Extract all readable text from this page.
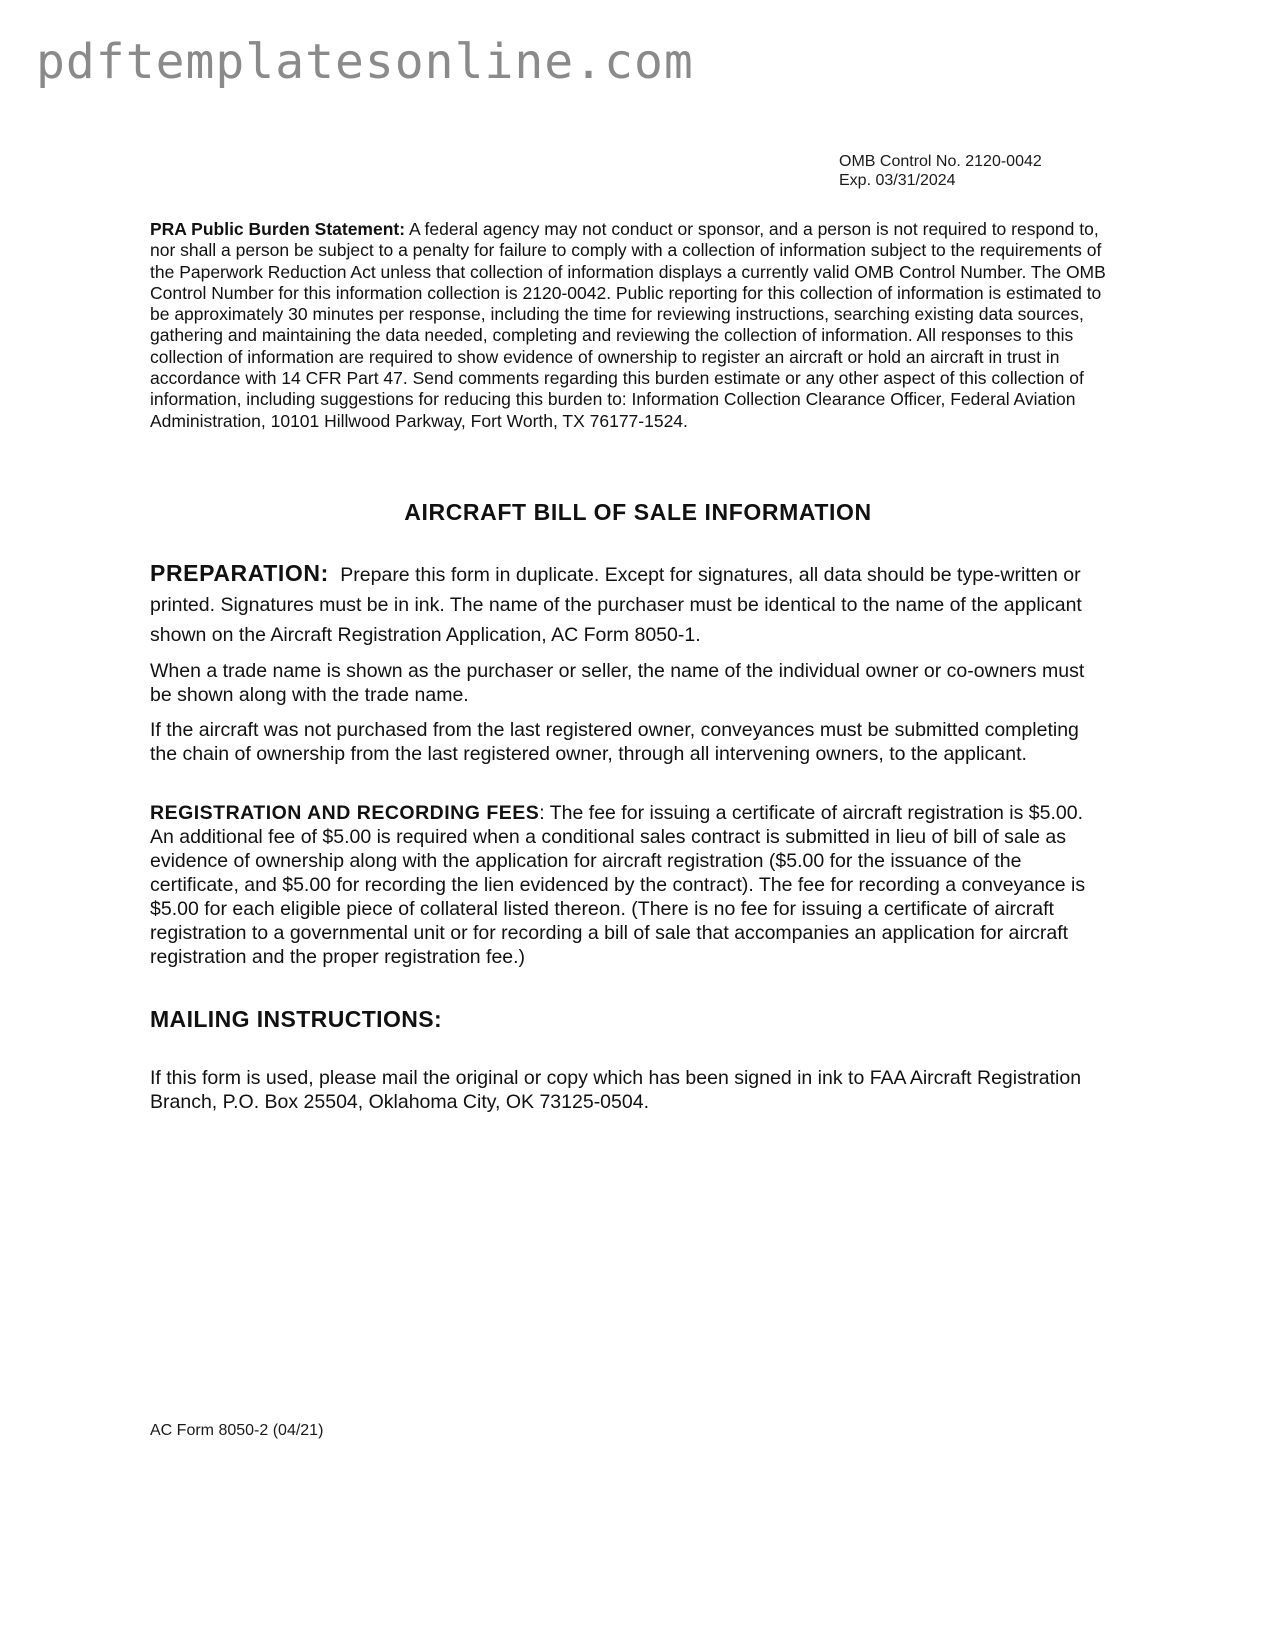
pdftemplatesonline.com
OMB Control No. 2120-0042
Exp. 03/31/2024
PRA Public Burden Statement: A federal agency may not conduct or sponsor, and a person is not required to respond to, nor shall a person be subject to a penalty for failure to comply with a collection of information subject to the requirements of the Paperwork Reduction Act unless that collection of information displays a currently valid OMB Control Number. The OMB Control Number for this information collection is 2120-0042. Public reporting for this collection of information is estimated to be approximately 30 minutes per response, including the time for reviewing instructions, searching existing data sources, gathering and maintaining the data needed, completing and reviewing the collection of information. All responses to this collection of information are required to show evidence of ownership to register an aircraft or hold an aircraft in trust in accordance with 14 CFR Part 47. Send comments regarding this burden estimate or any other aspect of this collection of information, including suggestions for reducing this burden to: Information Collection Clearance Officer, Federal Aviation Administration, 10101 Hillwood Parkway, Fort Worth, TX 76177-1524.
AIRCRAFT BILL OF SALE INFORMATION
PREPARATION: Prepare this form in duplicate. Except for signatures, all data should be type-written or printed. Signatures must be in ink. The name of the purchaser must be identical to the name of the applicant shown on the Aircraft Registration Application, AC Form 8050-1.
When a trade name is shown as the purchaser or seller, the name of the individual owner or co-owners must be shown along with the trade name.
If the aircraft was not purchased from the last registered owner, conveyances must be submitted completing the chain of ownership from the last registered owner, through all intervening owners, to the applicant.
REGISTRATION AND RECORDING FEES: The fee for issuing a certificate of aircraft registration is $5.00. An additional fee of $5.00 is required when a conditional sales contract is submitted in lieu of bill of sale as evidence of ownership along with the application for aircraft registration ($5.00 for the issuance of the certificate, and $5.00 for recording the lien evidenced by the contract). The fee for recording a conveyance is $5.00 for each eligible piece of collateral listed thereon. (There is no fee for issuing a certificate of aircraft registration to a governmental unit or for recording a bill of sale that accompanies an application for aircraft registration and the proper registration fee.)
MAILING INSTRUCTIONS:
If this form is used, please mail the original or copy which has been signed in ink to FAA Aircraft Registration Branch, P.O. Box 25504, Oklahoma City, OK 73125-0504.
AC Form 8050-2 (04/21)
